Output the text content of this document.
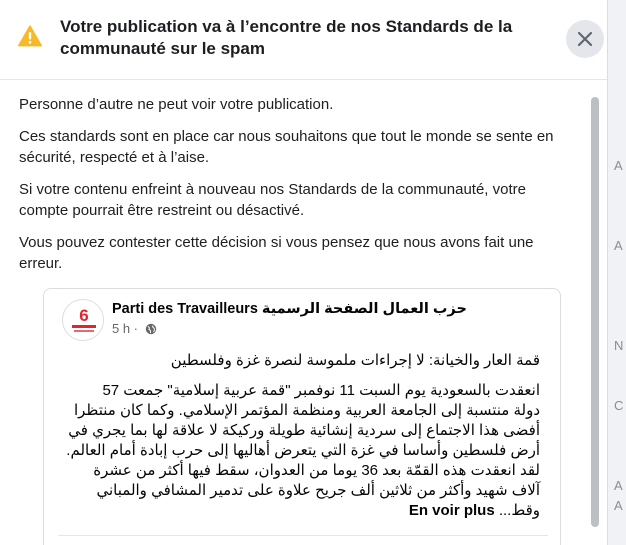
A
A
N
C
A
A
Votre publication va à l’encontre de nos Standards de la communauté sur le spam

Personne d’autre ne peut voir votre publication.

Ces standards sont en place car nous souhaitons que tout le monde se sente en sécurité, respecté et à l’aise.

Si votre contenu enfreint à nouveau nos Standards de la communauté, votre compte pourrait être restreint ou désactivé.

Vous pouvez contester cette décision si vous pensez que nous avons fait une erreur.

6 Parti des Travailleurs حزب العمال الصفحة الرسمية
5 h ·
قمة العار والخيانة: لا إجراءات ملموسة لنصرة غزة وفلسطين
انعقدت بالسعودية يوم السبت 11 نوفمبر "قمة عربية إسلامية" جمعت 57
دولة منتسبة إلى الجامعة العربية ومنظمة المؤتمر الإسلامي. وكما كان منتظرا
أفضى هذا الاجتماع إلى سردية إنشائية طويلة وركيكة لا علاقة لها بما يجري في
أرض فلسطين وأساسا في غزة التي يتعرض أهاليها إلى حرب إبادة أمام العالم.
لقد انعقدت هذه القمّة بعد 36 يوما من العدوان، سقط فيها أكثر من عشرة
آلاف شهيد وأكثر من ثلاثين ألف جريح علاوة على تدمير المشافي والمباني
وقط... En voir plus
